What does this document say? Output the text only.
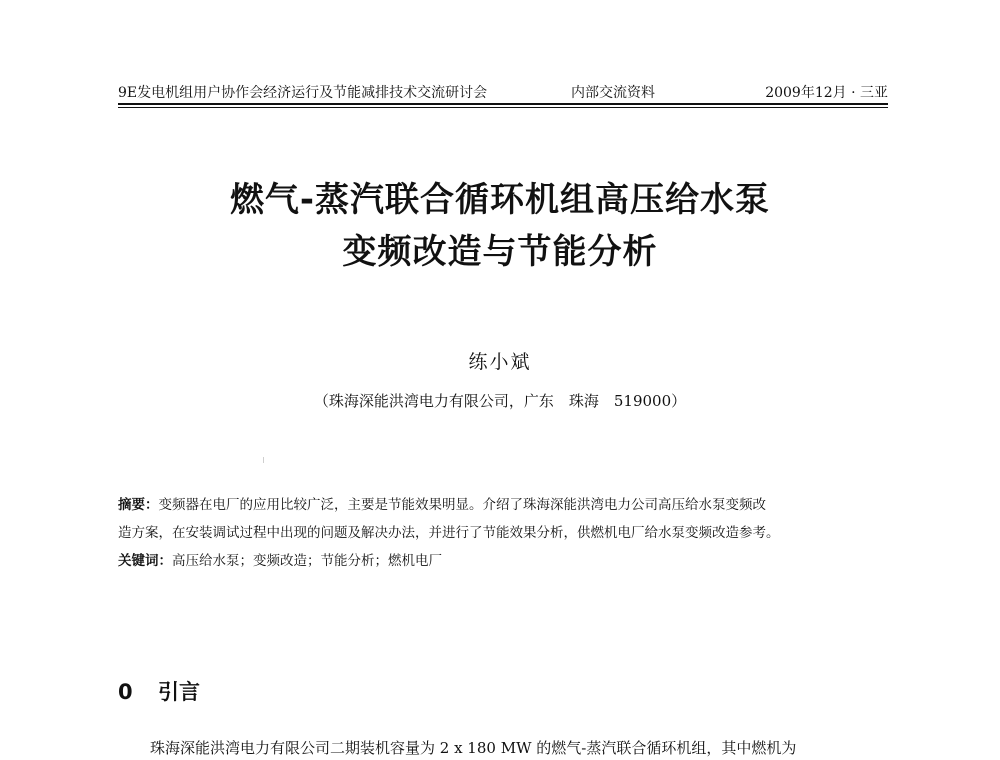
9E发电机组用户协作会经济运行及节能减排技术交流研讨会	内部交流资料	2009年12月 · 三亚
燃气-蒸汽联合循环机组高压给水泵
变频改造与节能分析
练小斌
（珠海深能洪湾电力有限公司，广东　珠海　519000）
摘要：变频器在电厂的应用比较广泛，主要是节能效果明显。介绍了珠海深能洪湾电力公司高压给水泵变频改
造方案，在安装调试过程中出现的问题及解决办法，并进行了节能效果分析，供燃机电厂给水泵变频改造参考。
关键词：高压给水泵；变频改造；节能分析；燃机电厂
0 引言
珠海深能洪湾电力有限公司二期装机容量为 2 x 180 MW 的燃气-蒸汽联合循环机组，其中燃机为
